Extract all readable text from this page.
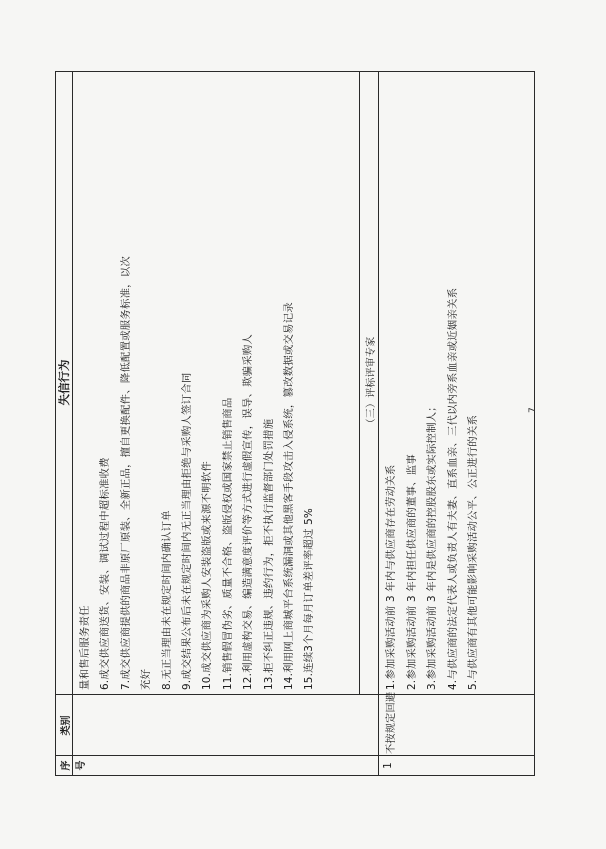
序号
类别
失信行为
量和售后服务责任 6.成交供应商送货、安装、调试过程中超标准收费 7.成交供应商提供的商品非原厂原装、全新正品，擅自更换配件、降低配置或服务标准，以次 充好 8.无正当理由未在规定时间内确认订单 9.成交结果公布后未在规定时间内无正当理由拒绝与采购人签订合同 10.成交供应商为采购人安装盗版或来源不明软件 11.销售假冒伪劣、质量不合格、盗版侵权或国家禁止销售商品 12.利用虚构交易、编造满意度评价等方式进行虚假宣传，误导、欺骗采购人 13.拒不纠正违规、违约行为，拒不执行监督部门处罚措施 14.利用网上商城平台系统漏洞或其他黑客手段攻击入侵系统，篡改数据或交易记录 15.连续3个月每月订单差评率超过 5%
（三）评标评审专家
1
不按规定回避
1.参加采购活动前 3 年内与供应商存在劳动关系 2.参加采购活动前 3 年内担任供应商的董事、监事 3.参加采购活动前 3 年内是供应商的控股股东或实际控制人； 4.与供应商的法定代表人或负责人有夫妻、直系血亲、三代以内旁系血亲或近姻亲关系 5.与供应商有其他可能影响采购活动公平、公正进行的关系
7
